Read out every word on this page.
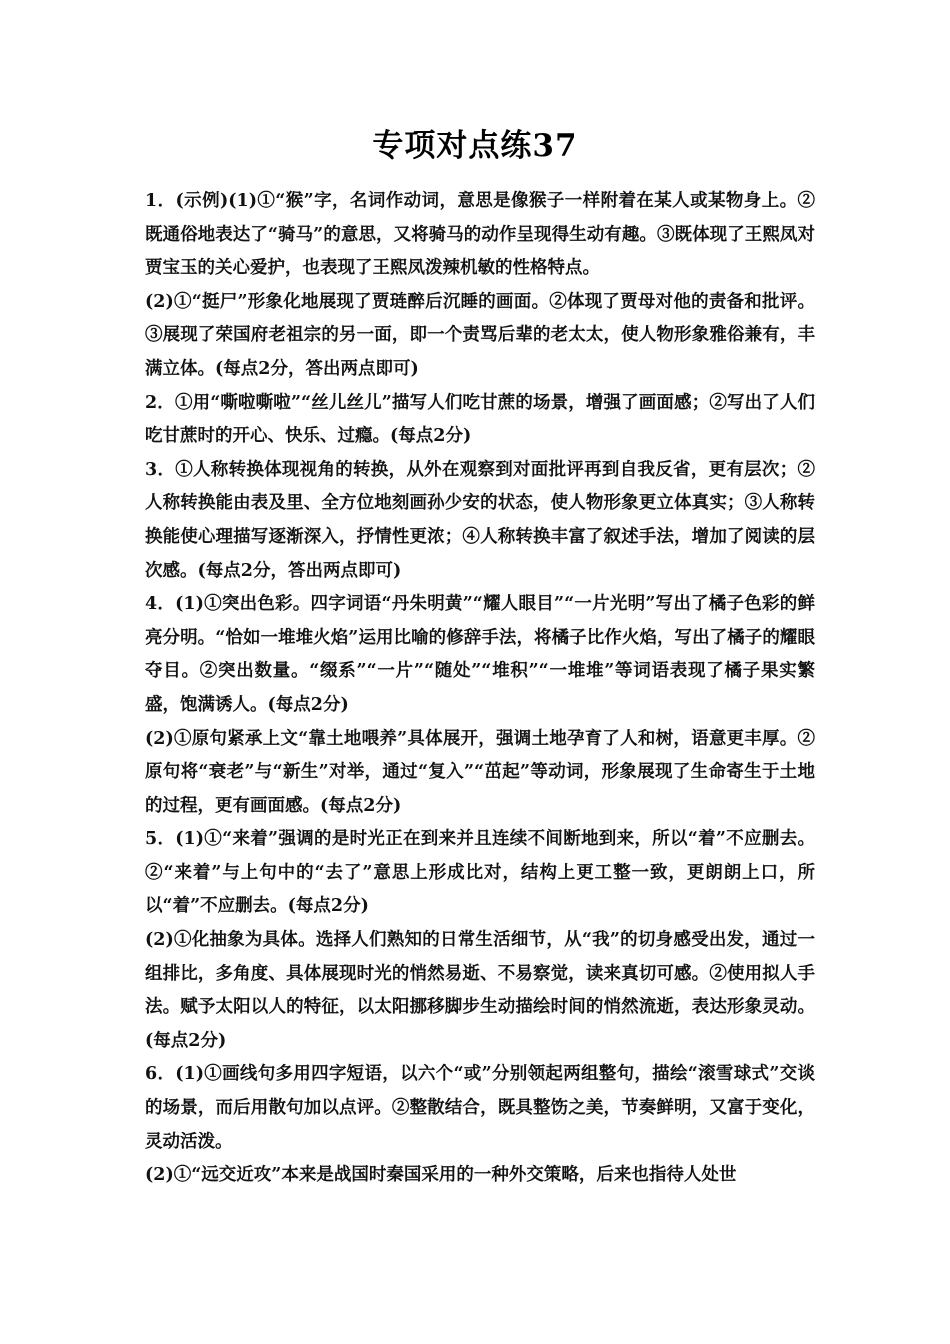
专项对点练37

1．(示例)(1)①“猴”字，名词作动词，意思是像猴子一样附着在某人或某物身上。②既通俗地表达了“骑马”的意思，又将骑马的动作呈现得生动有趣。③既体现了王熙凤对贾宝玉的关心爱护，也表现了王熙凤泼辣机敏的性格特点。

(2)①“挺尸”形象化地展现了贾琏醉后沉睡的画面。②体现了贾母对他的责备和批评。③展现了荣国府老祖宗的另一面，即一个责骂后辈的老太太，使人物形象雅俗兼有，丰满立体。(每点2分，答出两点即可)

2．①用“嘶啦嘶啦”“丝儿丝儿”描写人们吃甘蔗的场景，增强了画面感；②写出了人们吃甘蔗时的开心、快乐、过瘾。(每点2分)

3．①人称转换体现视角的转换，从外在观察到对面批评再到自我反省，更有层次；②人称转换能由表及里、全方位地刻画孙少安的状态，使人物形象更立体真实；③人称转换能使心理描写逐渐深入，抒情性更浓；④人称转换丰富了叙述手法，增加了阅读的层次感。(每点2分，答出两点即可)

4．(1)①突出色彩。四字词语“丹朱明黄”“耀人眼目”“一片光明”写出了橘子色彩的鲜亮分明。“恰如一堆堆火焰”运用比喻的修辞手法，将橘子比作火焰，写出了橘子的耀眼夺目。②突出数量。“缀系”“一片”“随处”“堆积”“一堆堆”等词语表现了橘子果实繁盛，饱满诱人。(每点2分)

(2)①原句紧承上文“靠土地喂养”具体展开，强调土地孕育了人和树，语意更丰厚。②原句将“衰老”与“新生”对举，通过“复入”“茁起”等动词，形象展现了生命寄生于土地的过程，更有画面感。(每点2分)

5．(1)①“来着”强调的是时光正在到来并且连续不间断地到来，所以“着”不应删去。②“来着”与上句中的“去了”意思上形成比对，结构上更工整一致，更朗朗上口，所以“着”不应删去。(每点2分)

(2)①化抽象为具体。选择人们熟知的日常生活细节，从“我”的切身感受出发，通过一组排比，多角度、具体展现时光的悄然易逝、不易察觉，读来真切可感。②使用拟人手法。赋予太阳以人的特征，以太阳挪移脚步生动描绘时间的悄然流逝，表达形象灵动。(每点2分)

6．(1)①画线句多用四字短语，以六个“或”分别领起两组整句，描绘“滚雪球式”交谈的场景，而后用散句加以点评。②整散结合，既具整饬之美，节奏鲜明，又富于变化，灵动活泼。

(2)①“远交近攻”本来是战国时秦国采用的一种外交策略，后来也指待人处世
